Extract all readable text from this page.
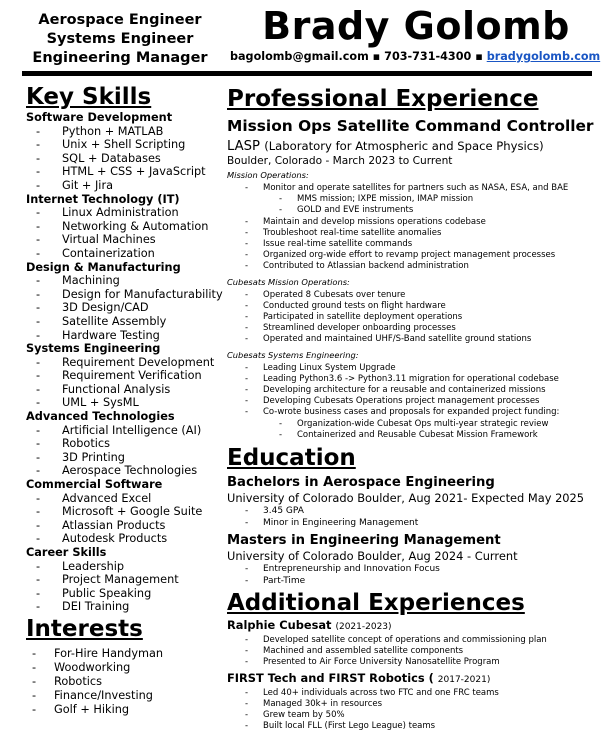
Aerospace Engineer
Systems Engineer
Engineering Manager
Brady Golomb
bagolomb@gmail.com ▪ 703-731-4300 ▪ bradygolomb.com
Key Skills
Software Development
- Python + MATLAB
- Unix + Shell Scripting
- SQL + Databases
- HTML + CSS + JavaScript
- Git + Jira
Internet Technology (IT)
- Linux Administration
- Networking & Automation
- Virtual Machines
- Containerization
Design & Manufacturing
- Machining
- Design for Manufacturability
- 3D Design/CAD
- Satellite Assembly
- Hardware Testing
Systems Engineering
- Requirement Development
- Requirement Verification
- Functional Analysis
- UML + SysML
Advanced Technologies
- Artificial Intelligence (AI)
- Robotics
- 3D Printing
- Aerospace Technologies
Commercial Software
- Advanced Excel
- Microsoft + Google Suite
- Atlassian Products
- Autodesk Products
Career Skills
- Leadership
- Project Management
- Public Speaking
- DEI Training
Interests
- For-Hire Handyman
- Woodworking
- Robotics
- Finance/Investing
- Golf + Hiking
Professional Experience
Mission Ops Satellite Command Controller
LASP (Laboratory for Atmospheric and Space Physics)
Boulder, Colorado - March 2023 to Current
Mission Operations:
- Monitor and operate satellites for partners such as NASA, ESA, and BAE
- MMS mission; IXPE mission, IMAP mission
- GOLD and EVE instruments
- Maintain and develop missions operations codebase
- Troubleshoot real-time satellite anomalies
- Issue real-time satellite commands
- Organized org-wide effort to revamp project management processes
- Contributed to Atlassian backend administration
Cubesats Mission Operations:
- Operated 8 Cubesats over tenure
- Conducted ground tests on flight hardware
- Participated in satellite deployment operations
- Streamlined developer onboarding processes
- Operated and maintained UHF/S-Band satellite ground stations
Cubesats Systems Engineering:
- Leading Linux System Upgrade
- Leading Python3.6 -> Python3.11 migration for operational codebase
- Developing architecture for a reusable and containerized missions
- Developing Cubesats Operations project management processes
- Co-wrote business cases and proposals for expanded project funding:
- Organization-wide Cubesat Ops multi-year strategic review
- Containerized and Reusable Cubesat Mission Framework
Education
Bachelors in Aerospace Engineering
University of Colorado Boulder, Aug 2021- Expected May 2025
- 3.45 GPA
- Minor in Engineering Management
Masters in Engineering Management
University of Colorado Boulder, Aug 2024 - Current
- Entrepreneurship and Innovation Focus
- Part-Time
Additional Experiences
Ralphie Cubesat (2021-2023)
- Developed satellite concept of operations and commissioning plan
- Machined and assembled satellite components
- Presented to Air Force University Nanosatellite Program
FIRST Tech and FIRST Robotics ( 2017-2021)
- Led 40+ individuals across two FTC and one FRC teams
- Managed 30k+ in resources
- Grew team by 50%
- Built local FLL (First Lego League) teams
